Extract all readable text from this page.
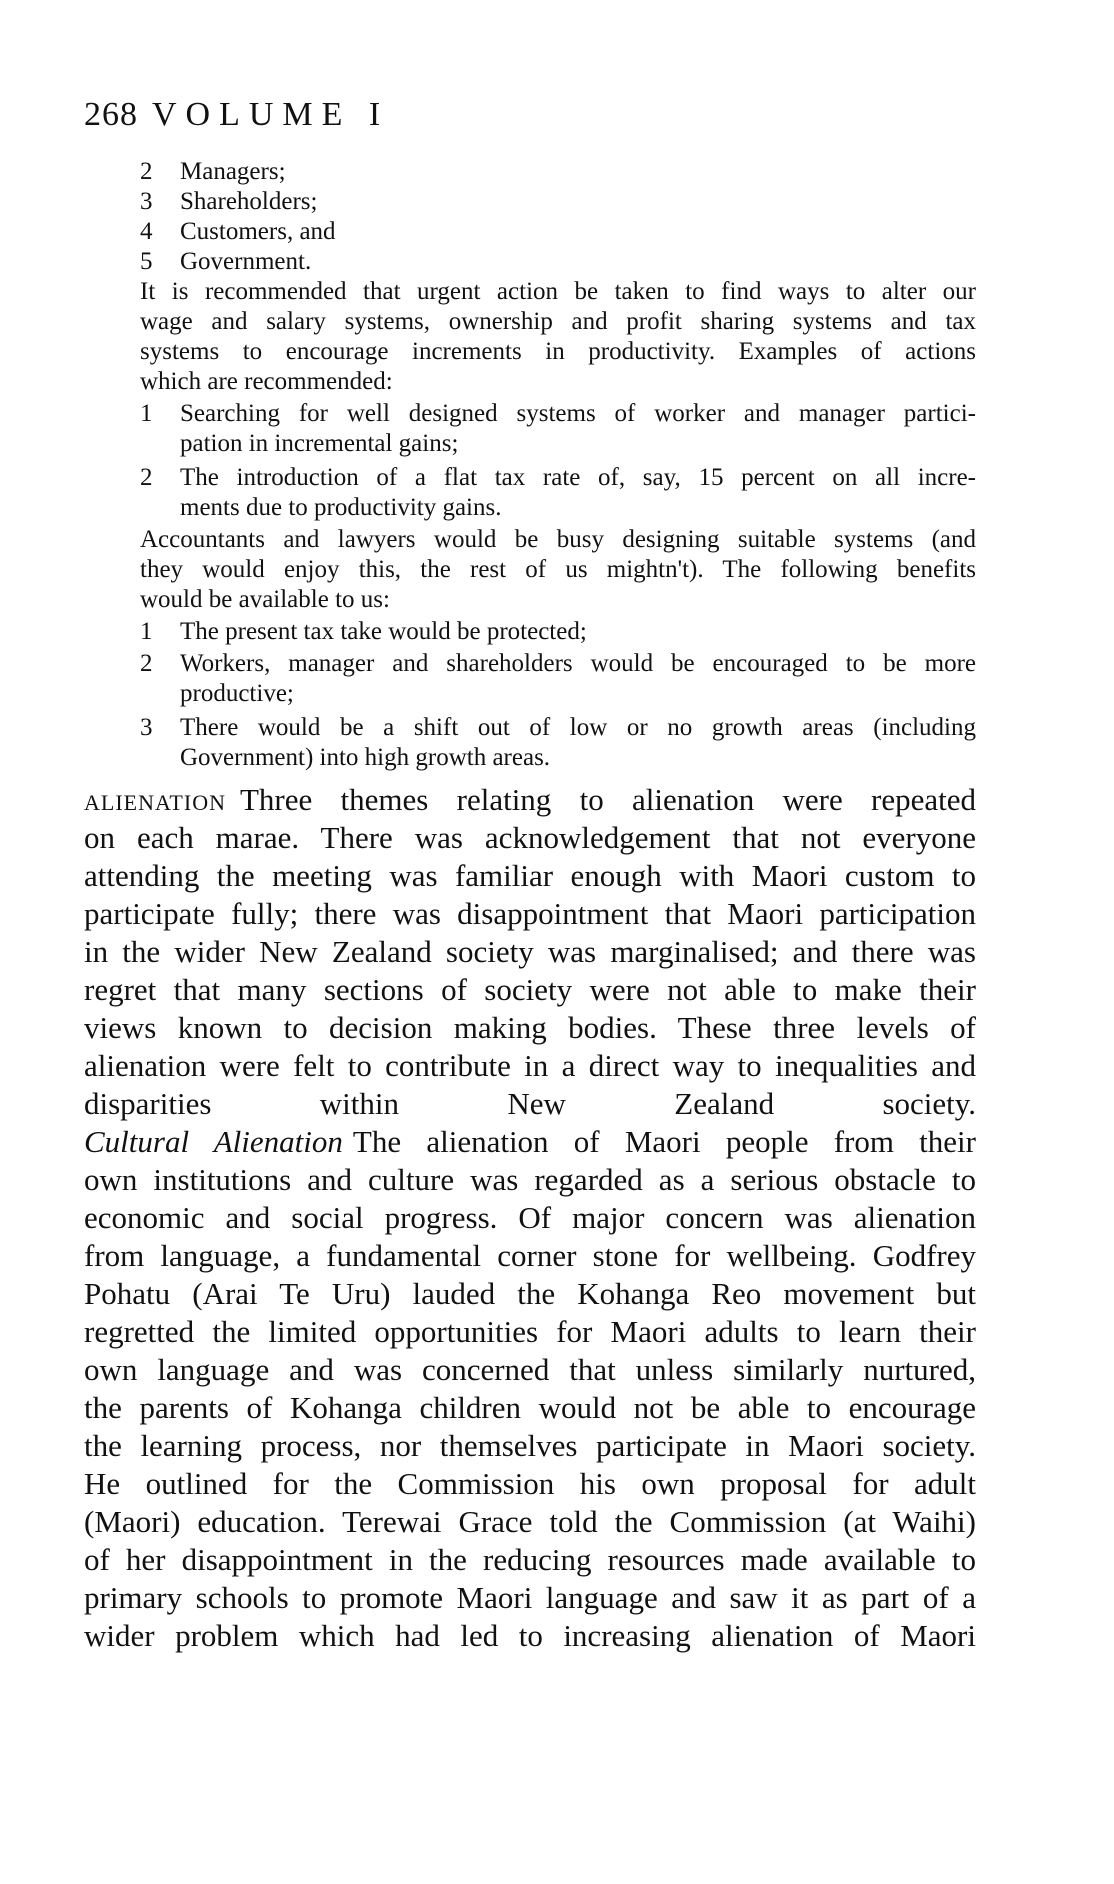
268 VOLUME I
2 Managers;
3 Shareholders;
4 Customers, and
5 Government.
It is recommended that urgent action be taken to find ways to alter our
wage and salary systems, ownership and profit sharing systems and tax
systems to encourage increments in productivity. Examples of actions
which are recommended:
1 Searching for well designed systems of worker and manager partici-
pation in incremental gains;
2 The introduction of a flat tax rate of, say, 15 percent on all incre-
ments due to productivity gains.
Accountants and lawyers would be busy designing suitable systems (and
they would enjoy this, the rest of us mightn't). The following benefits
would be available to us:
1 The present tax take would be protected;
2 Workers, manager and shareholders would be encouraged to be more
productive;
3 There would be a shift out of low or no growth areas (including
Government) into high growth areas.
ALIENATION Three themes relating to alienation were repeated
on each marae. There was acknowledgement that not everyone
attending the meeting was familiar enough with Maori custom to
participate fully; there was disappointment that Maori participation
in the wider New Zealand society was marginalised; and there was
regret that many sections of society were not able to make their
views known to decision making bodies. These three levels of
alienation were felt to contribute in a direct way to inequalities and
disparities within New Zealand society.
Cultural Alienation The alienation of Maori people from their
own institutions and culture was regarded as a serious obstacle to
economic and social progress. Of major concern was alienation
from language, a fundamental corner stone for wellbeing. Godfrey
Pohatu (Arai Te Uru) lauded the Kohanga Reo movement but
regretted the limited opportunities for Maori adults to learn their
own language and was concerned that unless similarly nurtured,
the parents of Kohanga children would not be able to encourage
the learning process, nor themselves participate in Maori society.
He outlined for the Commission his own proposal for adult
(Maori) education. Terewai Grace told the Commission (at Waihi)
of her disappointment in the reducing resources made available to
primary schools to promote Maori language and saw it as part of a
wider problem which had led to increasing alienation of Maori
